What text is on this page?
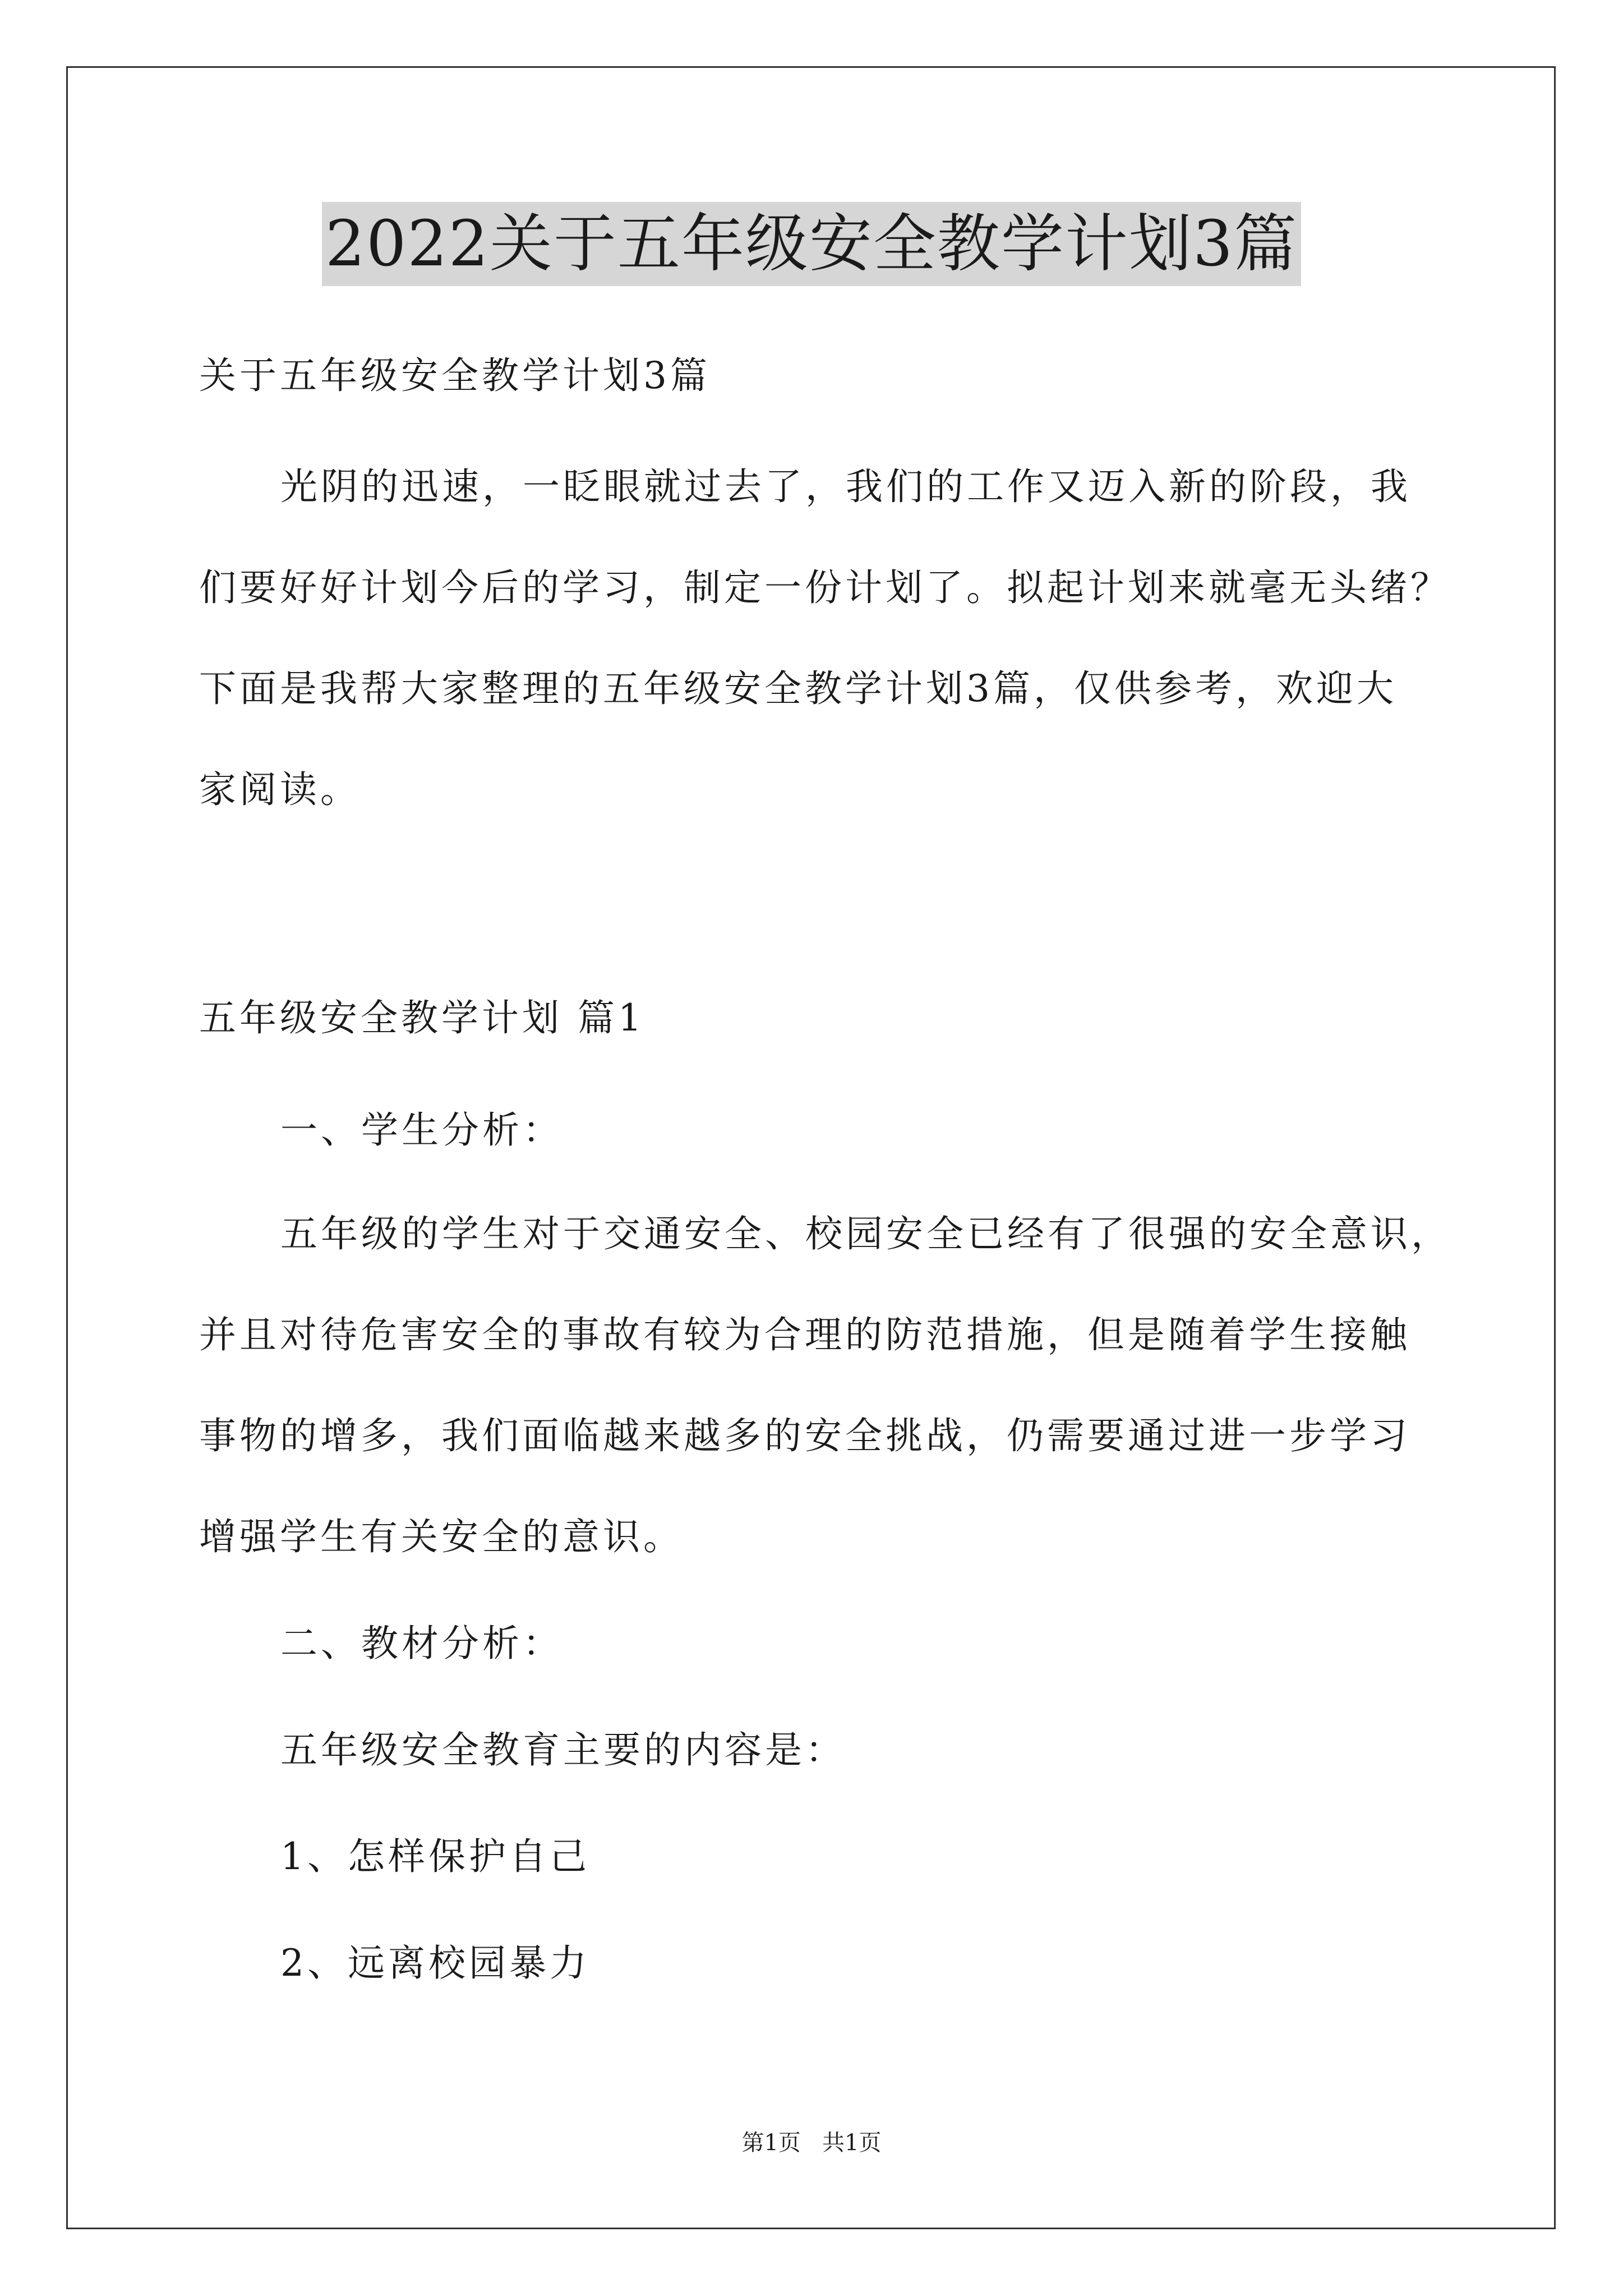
2022关于五年级安全教学计划3篇
关于五年级安全教学计划3篇
光阴的迅速，一眨眼就过去了，我们的工作又迈入新的阶段，我
们要好好计划今后的学习，制定一份计划了。拟起计划来就毫无头绪？
下面是我帮大家整理的五年级安全教学计划3篇，仅供参考，欢迎大
家阅读。
五年级安全教学计划 篇1
一、学生分析：
五年级的学生对于交通安全、校园安全已经有了很强的安全意识，
并且对待危害安全的事故有较为合理的防范措施，但是随着学生接触
事物的增多，我们面临越来越多的安全挑战，仍需要通过进一步学习
增强学生有关安全的意识。
二、教材分析：
五年级安全教育主要的内容是：
1、怎样保护自己
2、远离校园暴力
第1页   共1页
